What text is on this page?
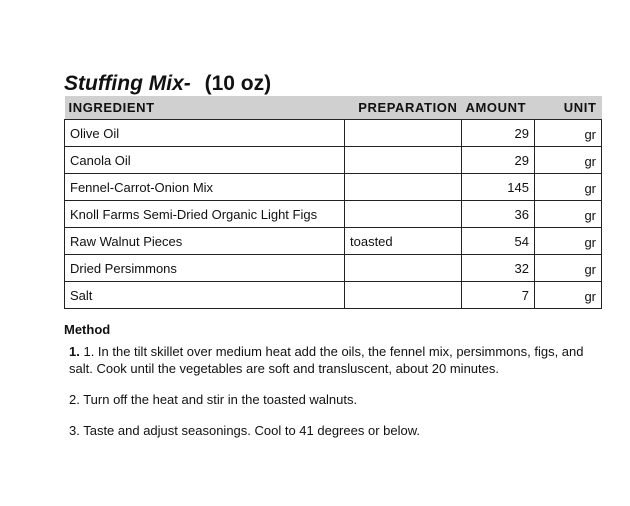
Stuffing Mix- (10 oz)
INGREDIENT	PREPARATION	AMOUNT	UNIT
Olive Oil		29	gr
Canola Oil		29	gr
Fennel-Carrot-Onion Mix		145	gr
Knoll Farms Semi-Dried Organic Light Figs		36	gr
Raw Walnut Pieces	toasted	54	gr
Dried Persimmons		32	gr
Salt		7	gr
Method
1. 1. In the tilt skillet over medium heat add the oils, the fennel mix, persimmons, figs, and salt. Cook until the vegetables are soft and transluscent, about 20 minutes.
2. Turn off the heat and stir in the toasted walnuts.
3. Taste and adjust seasonings. Cool to 41 degrees or below.
